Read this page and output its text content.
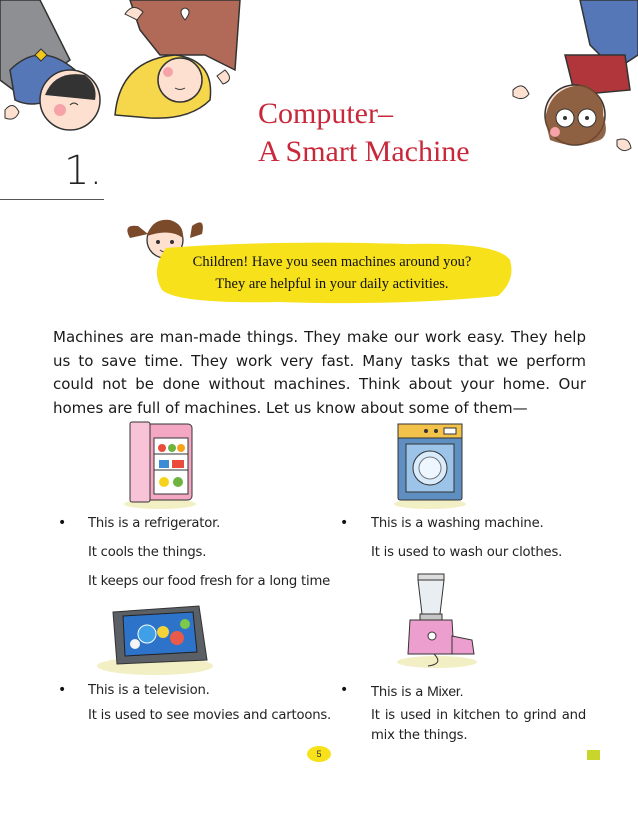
1.
Computer–
A Smart Machine
Children! Have you seen machines around you?
They are helpful in your daily activities.
Machines are man-made things. They make our work easy. They help us to save time. They work very fast. Many tasks that we perform could not be done without machines. Think about your home. Our homes are full of machines. Let us know about some of them—
• This is a refrigerator.
It cools the things.
It keeps our food fresh for a long time
• This is a washing machine.
It is used to wash our clothes.
• This is a television.
It is used to see movies and cartoons.
• This is a Mixer.
It is used in kitchen to grind and
mix the things.
5
